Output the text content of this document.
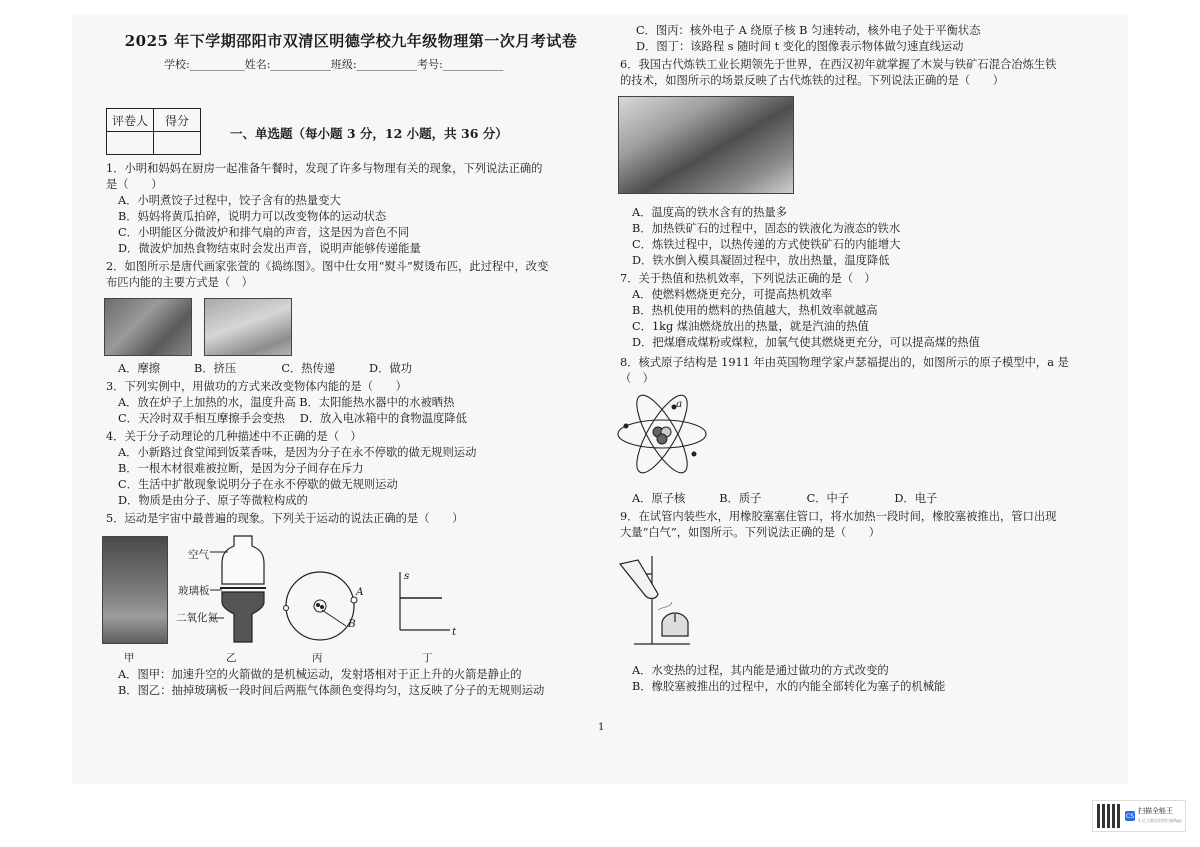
2025 年下学期邵阳市双清区明德学校九年级物理第一次月考试卷
学校:__________姓名:___________班级:___________考号:___________
评卷人	得分

一、单选题（每小题 3 分，12 小题，共 36 分）
1．小明和妈妈在厨房一起准备午餐时，发现了许多与物理有关的现象，下列说法正确的
是（　　）
A．小明煮饺子过程中，饺子含有的热量变大
B．妈妈将黄瓜拍碎，说明力可以改变物体的运动状态
C．小明能区分微波炉和排气扇的声音，这是因为音色不同
D．微波炉加热食物结束时会发出声音，说明声能够传递能量
2．如图所示是唐代画家张萱的《捣练图》。图中仕女用“熨斗”熨烫布匹，此过程中，改变
布匹内能的主要方式是（　）
A．摩擦　　　B．挤压　　　　C．热传递　　　D．做功
3．下列实例中，用做功的方式来改变物体内能的是（　　）
A．放在炉子上加热的水，温度升高 B．太阳能热水器中的水被晒热
C．天冷时双手相互摩擦手会变热　 D．放入电冰箱中的食物温度降低
4．关于分子动理论的几种描述中不正确的是（　）
A．小新路过食堂闻到饭菜香味，是因为分子在永不停歇的做无规则运动
B．一根木材很难被拉断，是因为分子间存在斥力
C．生活中扩散现象说明分子在永不停歇的做无规则运动
D．物质是由分子、原子等微粒构成的
5．运动是宇宙中最普遍的现象。下列关于运动的说法正确的是（　　）
空气
玻璃板
二氧化氮
A
B
s
t
甲	乙	丙	丁
A．图甲：加速升空的火箭做的是机械运动，发射塔相对于正上升的火箭是静止的
B．图乙：抽掉玻璃板一段时间后两瓶气体颜色变得均匀，这反映了分子的无规则运动
C．图丙：核外电子 A 绕原子核 B 匀速转动，核外电子处于平衡状态
D．图丁：该路程 s 随时间 t 变化的图像表示物体做匀速直线运动
6．我国古代炼铁工业长期领先于世界，在西汉初年就掌握了木炭与铁矿石混合冶炼生铁
的技术，如图所示的场景反映了古代炼铁的过程。下列说法正确的是（　　）
A．温度高的铁水含有的热量多
B．加热铁矿石的过程中，固态的铁液化为液态的铁水
C．炼铁过程中，以热传递的方式使铁矿石的内能增大
D．铁水倒入模具凝固过程中，放出热量，温度降低
7．关于热值和热机效率，下列说法正确的是（　）
A．使燃料燃烧更充分，可提高热机效率
B．热机使用的燃料的热值越大，热机效率就越高
C．1kg 煤油燃烧放出的热量，就是汽油的热值
D．把煤磨成煤粉或煤粒，加氧气使其燃烧更充分，可以提高煤的热值
8．核式原子结构是 1911 年由英国物理学家卢瑟福提出的，如图所示的原子模型中，a 是
（　）
a
A．原子核　　　B．质子　　　　C．中子　　　　D．电子
9．在试管内装些水，用橡胶塞塞住管口，将水加热一段时间，橡胶塞被推出，管口出现
大量“白气”，如图所示。下列说法正确的是（　　）
A．水变热的过程，其内能是通过做功的方式改变的
B．橡胶塞被推出的过程中，水的内能全部转化为塞子的机械能
1
CS
扫描全能王
3 亿人都在用的扫描App
